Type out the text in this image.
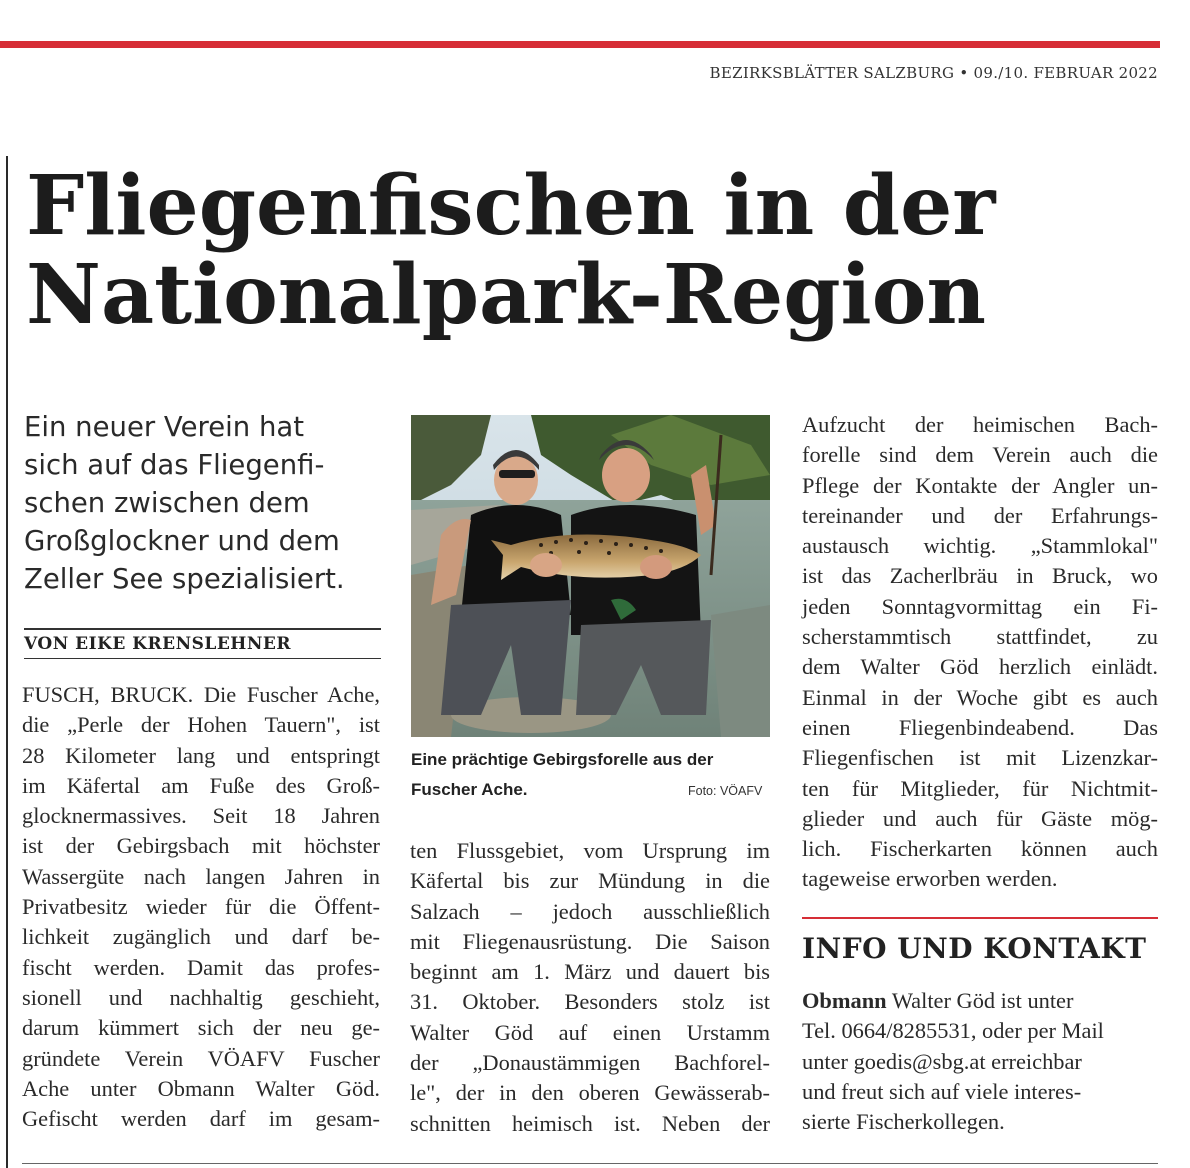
BEZIRKSBLÄTTER SALZBURG • 09./10. FEBRUAR 2022
Fliegenfischen in der
Nationalpark-Region
Ein neuer Verein hat
sich auf das Fliegenfi-
schen zwischen dem
Großglockner und dem
Zeller See spezialisiert.
VON EIKE KRENSLEHNER
FUSCH, BRUCK. Die Fuscher Ache,
die „Perle der Hohen Tauern", ist
28 Kilometer lang und entspringt
im Käfertal am Fuße des Groß-
glocknermassives. Seit 18 Jahren
ist der Gebirgsbach mit höchster
Wassergüte nach langen Jahren in
Privatbesitz wieder für die Öffent-
lichkeit zugänglich und darf be-
fischt werden. Damit das profes-
sionell und nachhaltig geschieht,
darum kümmert sich der neu ge-
gründete Verein VÖAFV Fuscher
Ache unter Obmann Walter Göd.
Gefischt werden darf im gesam-
Eine prächtige Gebirgsforelle aus der
Fuscher Ache.	Foto: VÖAFV
ten Flussgebiet, vom Ursprung im
Käfertal bis zur Mündung in die
Salzach – jedoch ausschließlich
mit Fliegenausrüstung. Die Saison
beginnt am 1. März und dauert bis
31. Oktober. Besonders stolz ist
Walter Göd auf einen Urstamm
der „Donaustämmigen Bachforel-
le", der in den oberen Gewässerab-
schnitten heimisch ist. Neben der
Aufzucht der heimischen Bach-
forelle sind dem Verein auch die
Pflege der Kontakte der Angler un-
tereinander und der Erfahrungs-
austausch wichtig. „Stammlokal"
ist das Zacherlbräu in Bruck, wo
jeden Sonntagvormittag ein Fi-
scherstammtisch stattfindet, zu
dem Walter Göd herzlich einlädt.
Einmal in der Woche gibt es auch
einen Fliegenbindeabend. Das
Fliegenfischen ist mit Lizenzkar-
ten für Mitglieder, für Nichtmit-
glieder und auch für Gäste mög-
lich. Fischerkarten können auch
tageweise erworben werden.
INFO UND KONTAKT
Obmann Walter Göd ist unter
Tel. 0664/8285531, oder per Mail
unter goedis@sbg.at erreichbar
und freut sich auf viele interes-
sierte Fischerkollegen.
